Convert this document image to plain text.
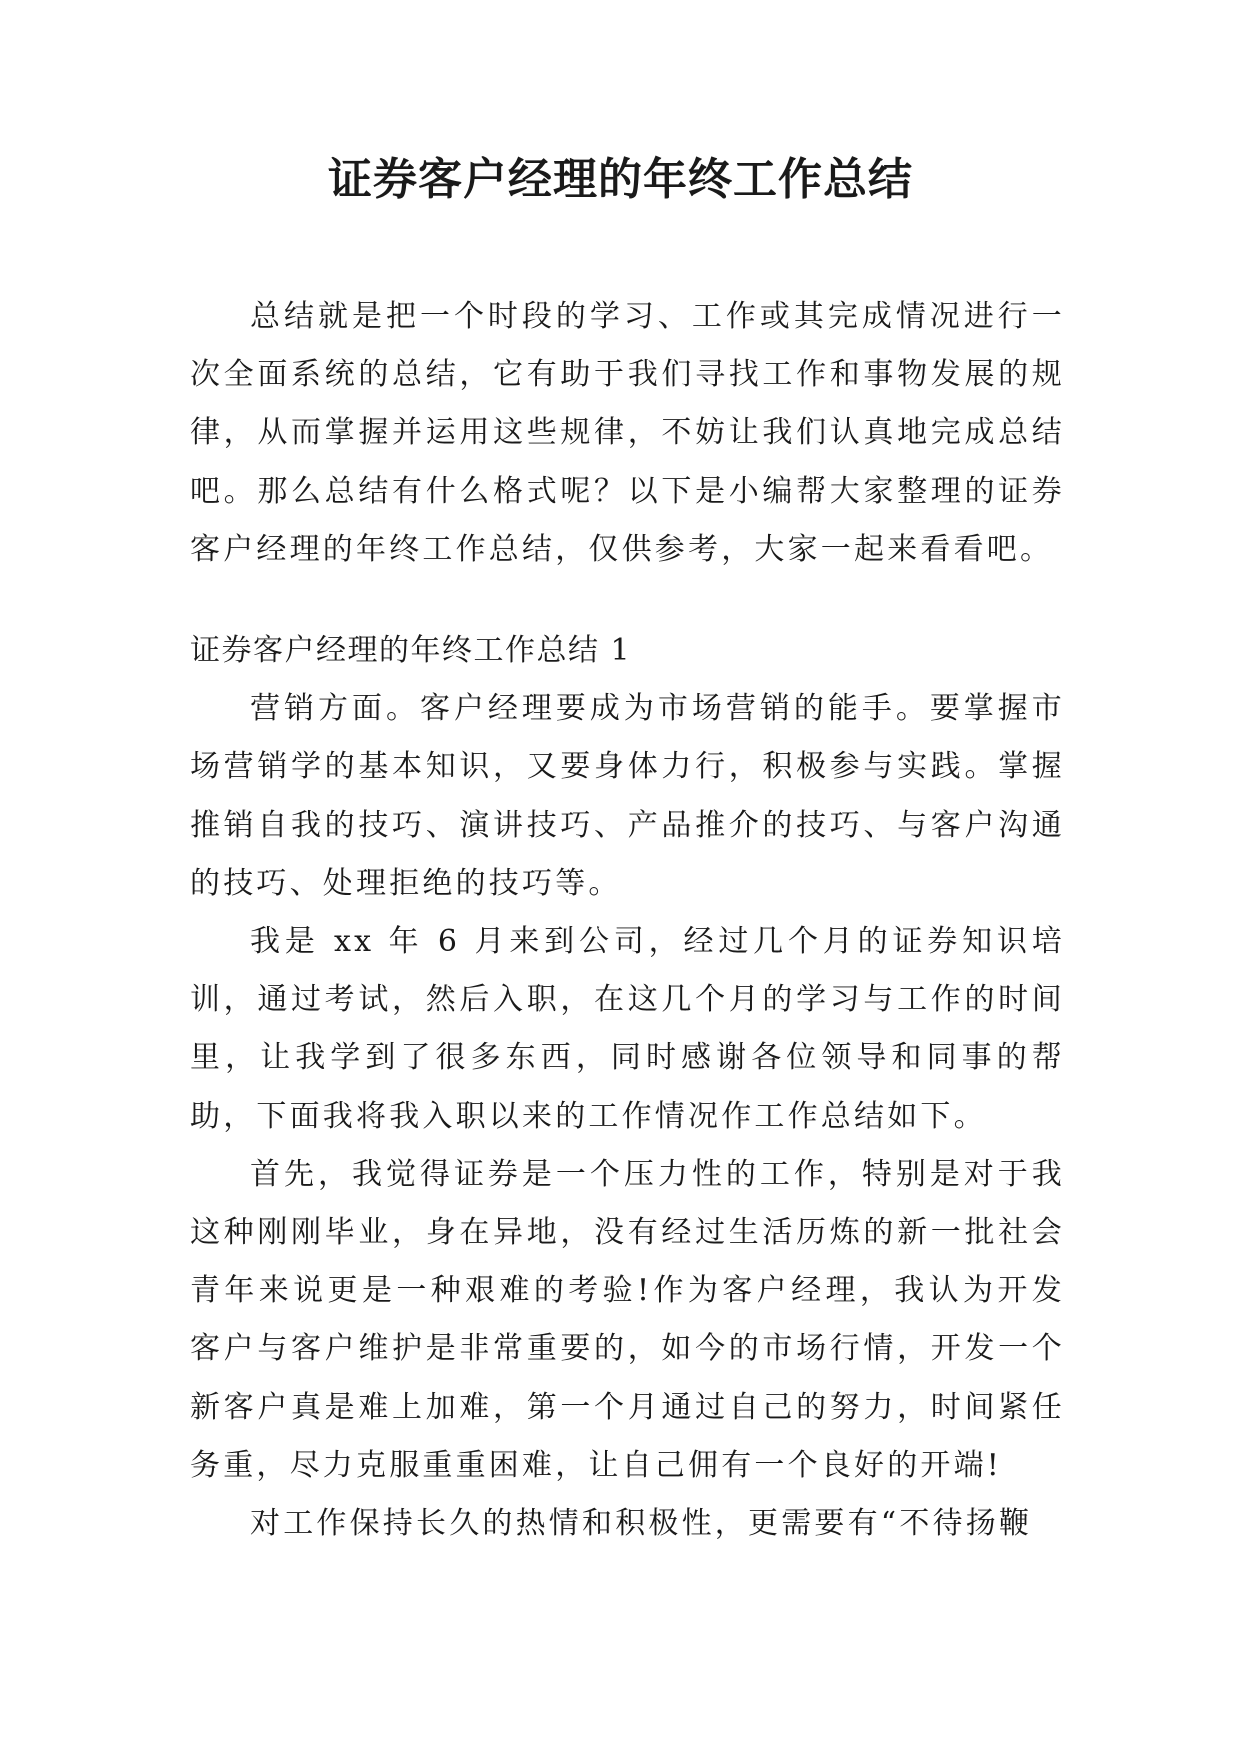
证券客户经理的年终工作总结

总结就是把一个时段的学习、工作或其完成情况进行一次全面系统的总结，它有助于我们寻找工作和事物发展的规律，从而掌握并运用这些规律，不妨让我们认真地完成总结吧。那么总结有什么格式呢？以下是小编帮大家整理的证券客户经理的年终工作总结，仅供参考，大家一起来看看吧。

证券客户经理的年终工作总结 1

营销方面。客户经理要成为市场营销的能手。要掌握市场营销学的基本知识，又要身体力行，积极参与实践。掌握推销自我的技巧、演讲技巧、产品推介的技巧、与客户沟通的技巧、处理拒绝的技巧等。

我是 xx 年 6 月来到公司，经过几个月的证券知识培训，通过考试，然后入职，在这几个月的学习与工作的时间里，让我学到了很多东西，同时感谢各位领导和同事的帮助，下面我将我入职以来的工作情况作工作总结如下。

首先，我觉得证券是一个压力性的工作，特别是对于我这种刚刚毕业，身在异地，没有经过生活历炼的新一批社会青年来说更是一种艰难的考验!作为客户经理，我认为开发客户与客户维护是非常重要的，如今的市场行情，开发一个新客户真是难上加难，第一个月通过自己的努力，时间紧任务重，尽力克服重重困难，让自己佣有一个良好的开端!

对工作保持长久的热情和积极性，更需要有“不待扬鞭
